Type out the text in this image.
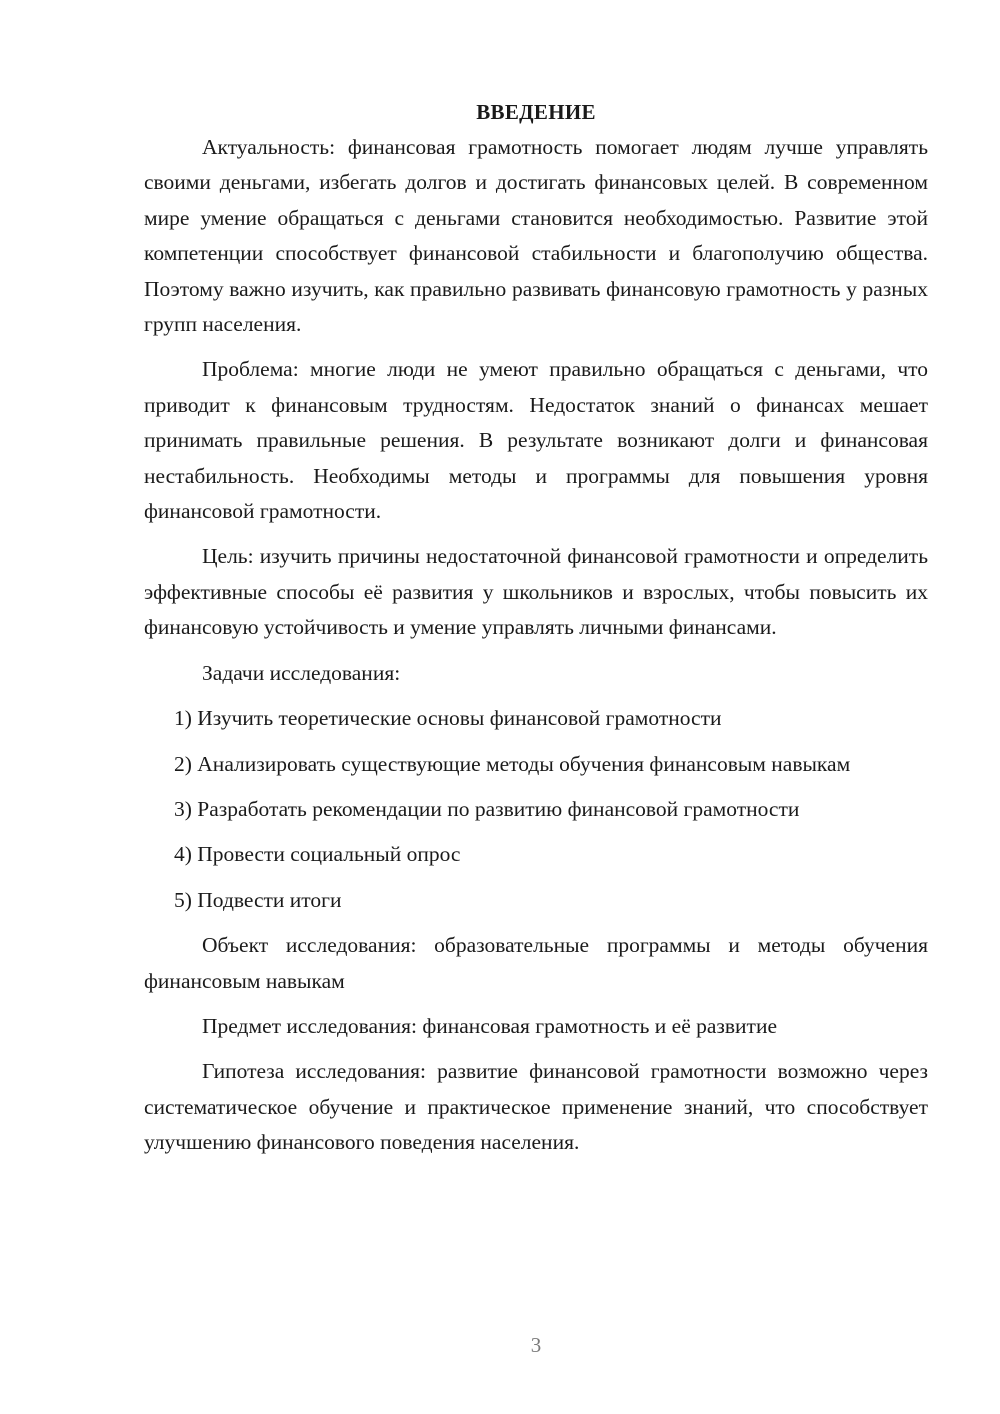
ВВЕДЕНИЕ

Актуальность: финансовая грамотность помогает людям лучше управлять своими деньгами, избегать долгов и достигать финансовых целей. В современном мире умение обращаться с деньгами становится необходимостью. Развитие этой компетенции способствует финансовой стабильности и благополучию общества. Поэтому важно изучить, как правильно развивать финансовую грамотность у разных групп населения.

Проблема: многие люди не умеют правильно обращаться с деньгами, что приводит к финансовым трудностям. Недостаток знаний о финансах мешает принимать правильные решения. В результате возникают долги и финансовая нестабильность. Необходимы методы и программы для повышения уровня финансовой грамотности.

Цель: изучить причины недостаточной финансовой грамотности и определить эффективные способы её развития у школьников и взрослых, чтобы повысить их финансовую устойчивость и умение управлять личными финансами.

Задачи исследования:

1) Изучить теоретические основы финансовой грамотности

2) Анализировать существующие методы обучения финансовым навыкам

3) Разработать рекомендации по развитию финансовой грамотности

4) Провести социальный опрос

5) Подвести итоги

Объект исследования: образовательные программы и методы обучения финансовым навыкам

Предмет исследования: финансовая грамотность и её развитие

Гипотеза исследования: развитие финансовой грамотности возможно через систематическое обучение и практическое применение знаний, что способствует улучшению финансового поведения населения.

3
